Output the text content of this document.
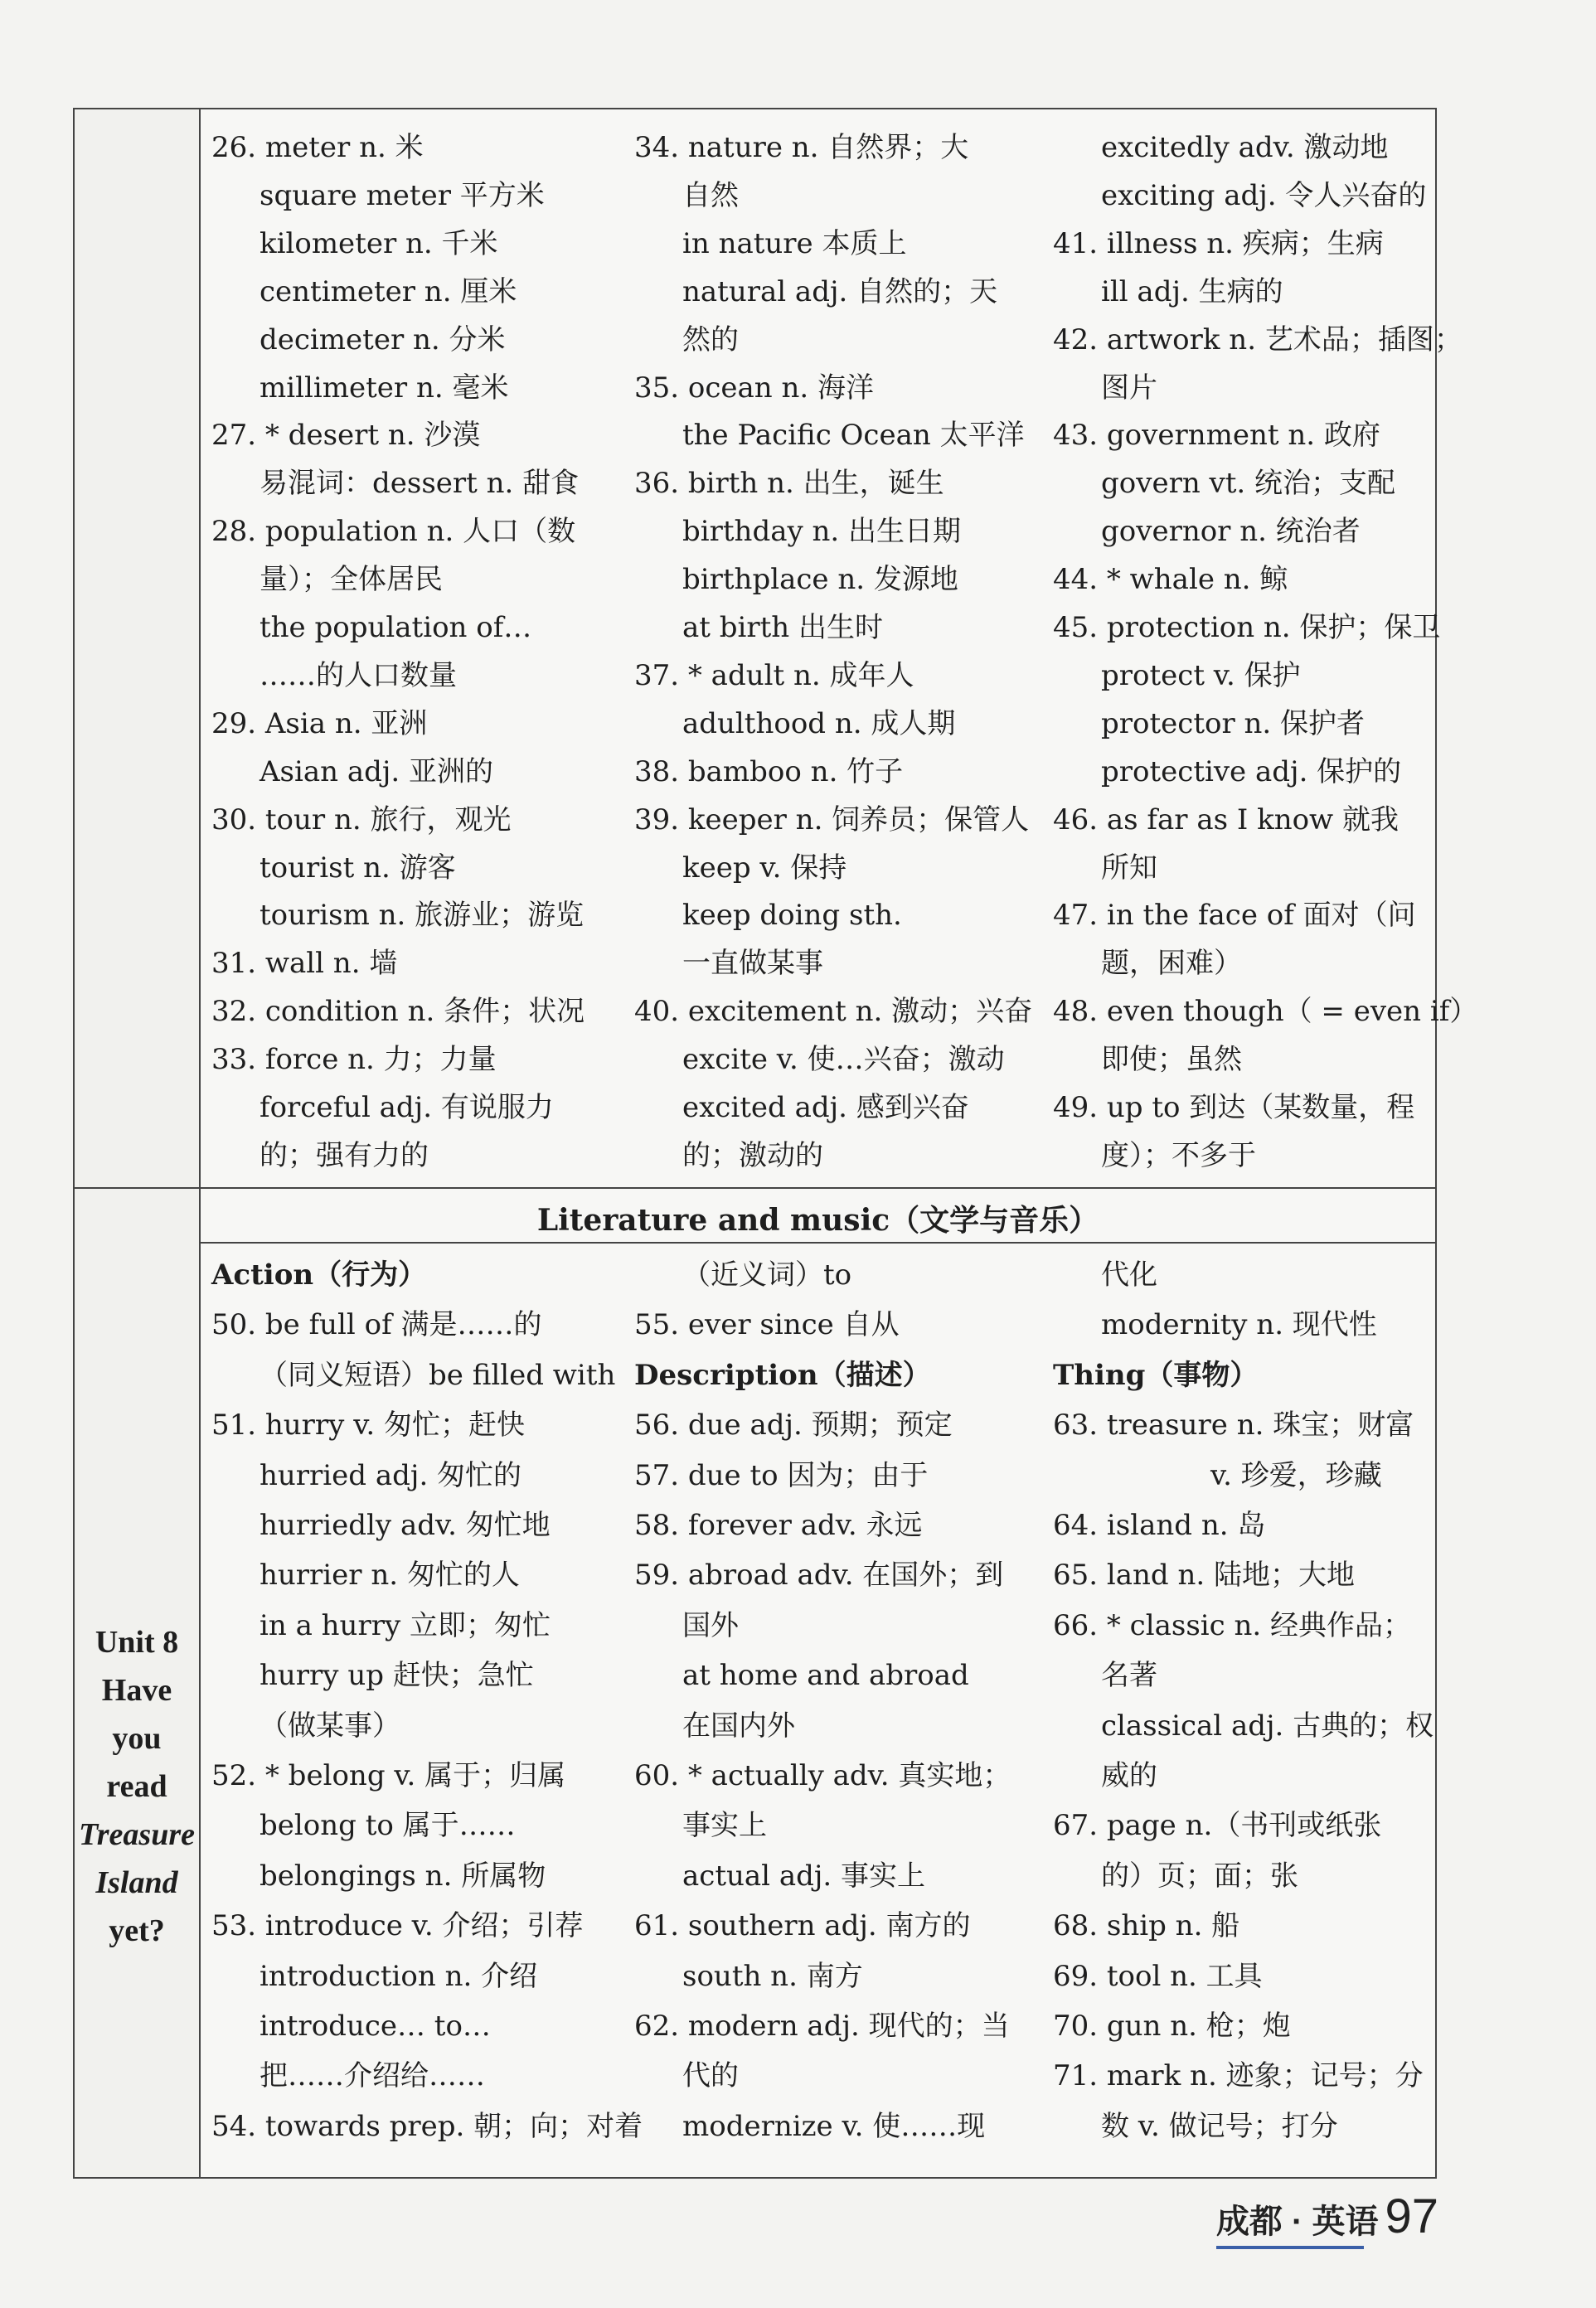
Literature and music（文学与音乐）
Unit 8
Have
you
read
Treasure
Island
yet?
26. meter n. 米
square meter 平方米
kilometer n. 千米
centimeter n. 厘米
decimeter n. 分米
millimeter n. 毫米
27. * desert n. 沙漠
易混词：dessert n. 甜食
28. population n. 人口（数
量）；全体居民
the population of…
……的人口数量
29. Asia n. 亚洲
Asian adj. 亚洲的
30. tour n. 旅行，观光
tourist n. 游客
tourism n. 旅游业；游览
31. wall n. 墙
32. condition n. 条件；状况
33. force n. 力；力量
forceful adj. 有说服力
的；强有力的
34. nature n. 自然界；大
自然
in nature 本质上
natural adj. 自然的；天
然的
35. ocean n. 海洋
the Pacific Ocean 太平洋
36. birth n. 出生，诞生
birthday n. 出生日期
birthplace n. 发源地
at birth 出生时
37. * adult n. 成年人
adulthood n. 成人期
38. bamboo n. 竹子
39. keeper n. 饲养员；保管人
keep v. 保持
keep doing sth.
一直做某事
40. excitement n. 激动；兴奋
excite v. 使…兴奋；激动
excited adj. 感到兴奋
的；激动的
excitedly adv. 激动地
exciting adj. 令人兴奋的
41. illness n. 疾病；生病
ill adj. 生病的
42. artwork n. 艺术品；插图；
图片
43. government n. 政府
govern vt. 统治；支配
governor n. 统治者
44. * whale n. 鲸
45. protection n. 保护；保卫
protect v. 保护
protector n. 保护者
protective adj. 保护的
46. as far as I know 就我
所知
47. in the face of 面对（问
题，困难）
48. even though（ = even if）
即使；虽然
49. up to 到达（某数量，程
度）；不多于
Action（行为）
50. be full of 满是……的
（同义短语）be filled with
51. hurry v. 匆忙；赶快
hurried adj. 匆忙的
hurriedly adv. 匆忙地
hurrier n. 匆忙的人
in a hurry 立即；匆忙
hurry up 赶快；急忙
（做某事）
52. * belong v. 属于；归属
belong to 属于……
belongings n. 所属物
53. introduce v. 介绍；引荐
introduction n. 介绍
introduce… to…
把……介绍给……
54. towards prep. 朝；向；对着
（近义词）to
55. ever since 自从
Description（描述）
56. due adj. 预期；预定
57. due to 因为；由于
58. forever adv. 永远
59. abroad adv. 在国外；到
国外
at home and abroad
在国内外
60. * actually adv. 真实地；
事实上
actual adj. 事实上
61. southern adj. 南方的
south n. 南方
62. modern adj. 现代的；当
代的
modernize v. 使……现
代化
modernity n. 现代性
Thing（事物）
63. treasure n. 珠宝；财富
v. 珍爱，珍藏
64. island n. 岛
65. land n. 陆地；大地
66. * classic n. 经典作品；
名著
classical adj. 古典的；权
威的
67. page n.（书刊或纸张
的）页；面；张
68. ship n. 船
69. tool n. 工具
70. gun n. 枪；炮
71. mark n. 迹象；记号；分
数 v. 做记号；打分
成都 · 英语 97
